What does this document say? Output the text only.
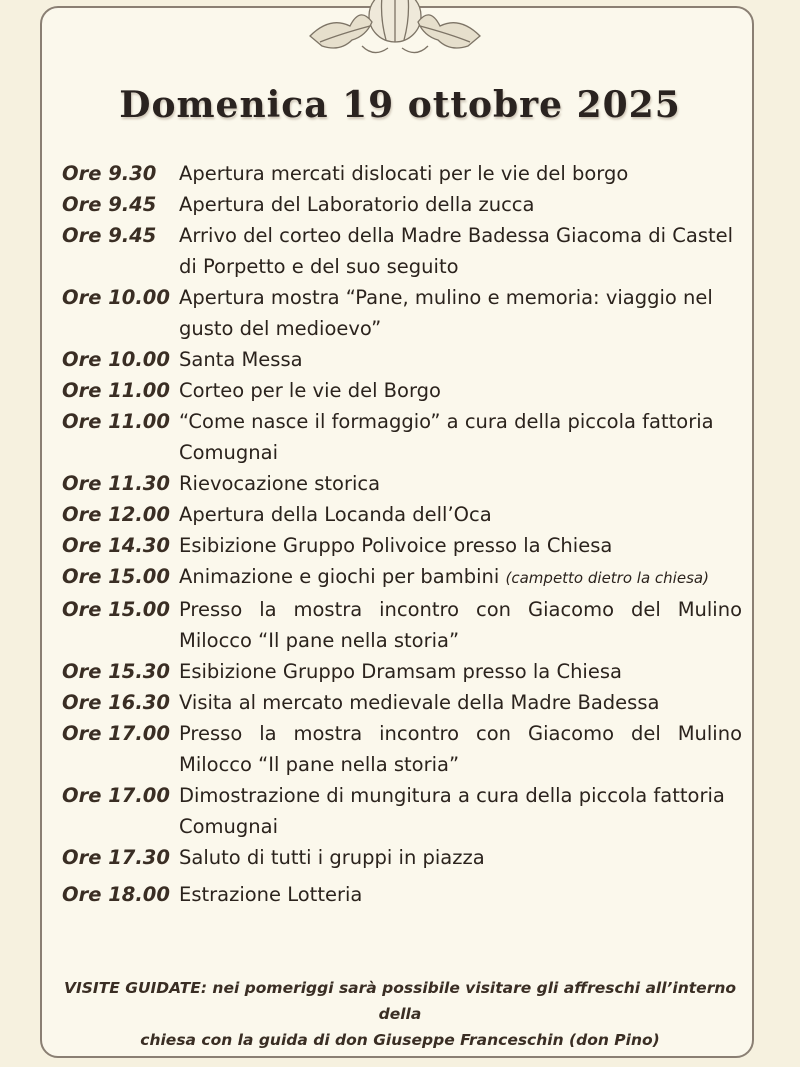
Domenica 19 ottobre 2025
Ore 9.30	Apertura mercati dislocati per le vie del borgo
Ore 9.45	Apertura del Laboratorio della zucca
Ore 9.45	Arrivo del corteo della Madre Badessa Giacoma di Castel di Porpetto e del suo seguito
Ore 10.00 Apertura mostra “Pane, mulino e memoria: viaggio nel gusto del medioevo”
Ore 10.00 Santa Messa
Ore 11.00 Corteo per le vie del Borgo
Ore 11.00 “Come nasce il formaggio” a cura della piccola fattoria Comugnai
Ore 11.30 Rievocazione storica
Ore 12.00 Apertura della Locanda dell’Oca
Ore 14.30 Esibizione Gruppo Polivoice presso la Chiesa
Ore 15.00 Animazione e giochi per bambini (campetto dietro la chiesa)
Ore 15.00 Presso la mostra incontro con Giacomo del Mulino Milocco “Il pane nella storia”
Ore 15.30 Esibizione Gruppo Dramsam presso la Chiesa
Ore 16.30 Visita al mercato medievale della Madre Badessa
Ore 17.00 Presso la mostra incontro con Giacomo del Mulino Milocco “Il pane nella storia”
Ore 17.00 Dimostrazione di mungitura a cura della piccola fattoria Comugnai
Ore 17.30 Saluto di tutti i gruppi in piazza
Ore 18.00 Estrazione Lotteria
VISITE GUIDATE: nei pomeriggi sarà possibile visitare gli affreschi all’interno della
chiesa con la guida di don Giuseppe Franceschin (don Pino)
